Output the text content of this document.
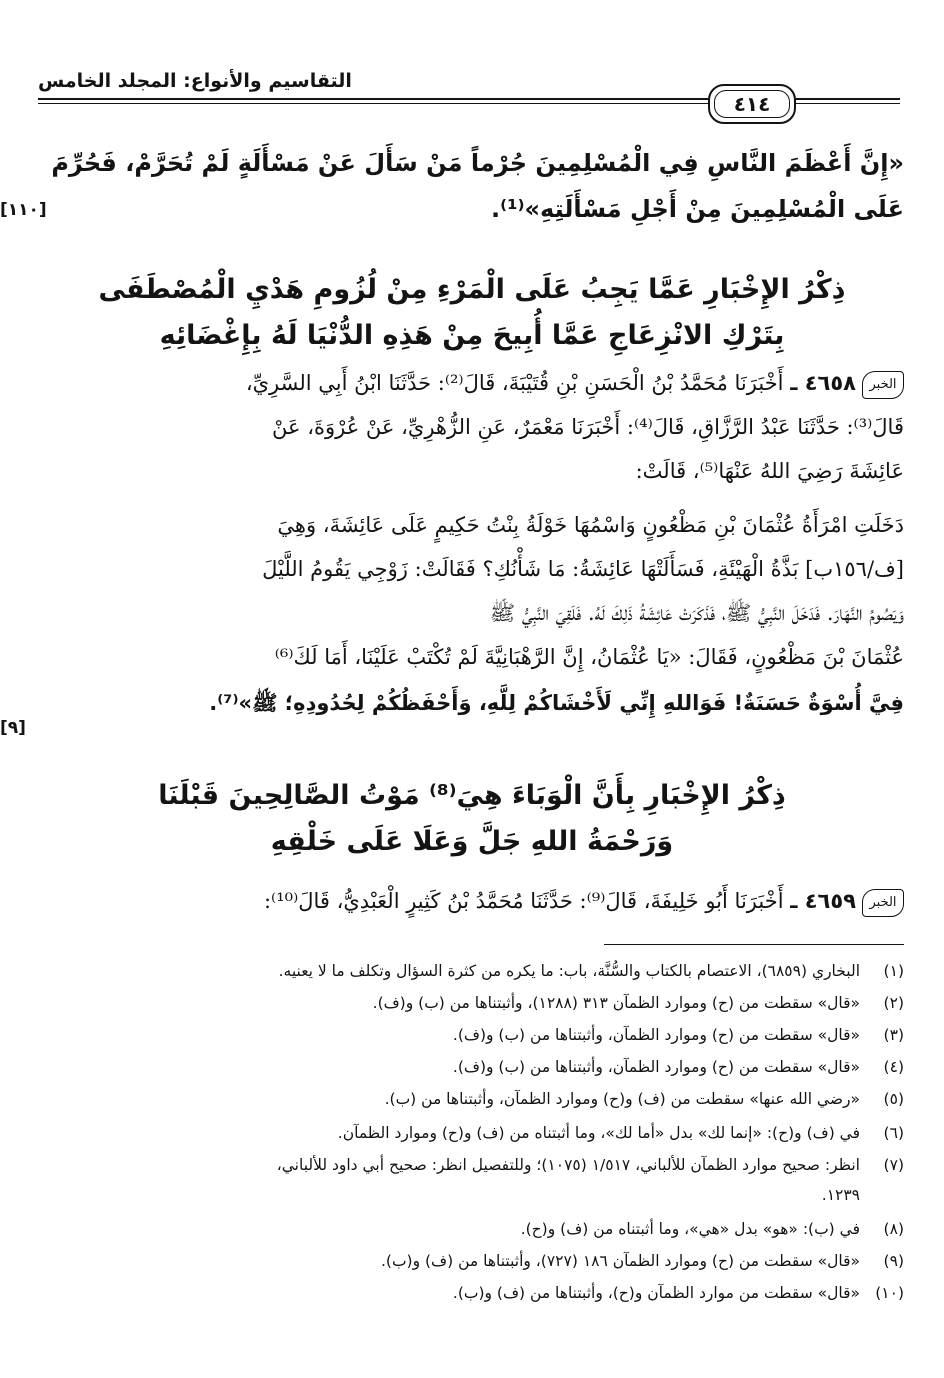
٤١٤
التقاسيم والأنواع: المجلد الخامس
«إِنَّ أَعْظَمَ النَّاسِ فِي الْمُسْلِمِينَ جُرْماً مَنْ سَأَلَ عَنْ مَسْأَلَةٍ لَمْ تُحَرَّمْ، فَحُرِّمَ
عَلَى الْمُسْلِمِينَ مِنْ أَجْلِ مَسْأَلَتِهِ»⁽¹⁾.
[١١٠]
ذِكْرُ الإِخْبَارِ عَمَّا يَجِبُ عَلَى الْمَرْءِ مِنْ لُزُومِ هَدْيِ الْمُصْطَفَى
بِتَرْكِ الانْزِعَاجِ عَمَّا أُبِيحَ مِنْ هَذِهِ الدُّنْيَا لَهُ بِإِغْضَائِهِ
الخبر٤٦٥٨ ـ أَخْبَرَنَا مُحَمَّدُ بْنُ الْحَسَنِ بْنِ قُتَيْبَةَ، قَالَ⁽²⁾: حَدَّثَنَا ابْنُ أَبِي السَّرِيِّ،
قَالَ⁽³⁾: حَدَّثَنَا عَبْدُ الرَّزَّاقِ، قَالَ⁽⁴⁾: أَخْبَرَنَا مَعْمَرٌ، عَنِ الزُّهْرِيِّ، عَنْ عُرْوَةَ، عَنْ
عَائِشَةَ رَضِيَ اللهُ عَنْهَا⁽⁵⁾، قَالَتْ:
دَخَلَتِ امْرَأَةُ عُثْمَانَ بْنِ مَظْعُونٍ وَاسْمُهَا خَوْلَةُ بِنْتُ حَكِيمٍ عَلَى عَائِشَةَ، وَهِيَ
[ف/١٥٦ب] بَذَّةُ الْهَيْئَةِ، فَسَأَلَتْهَا عَائِشَةُ: مَا شَأْنُكِ؟ فَقَالَتْ: زَوْجِي يَقُومُ اللَّيْلَ
وَيَصُومُ النَّهَارَ. فَدَخَلَ النَّبِيُّ ﷺ، فَذَكَرَتْ عَائِشَةُ ذَلِكَ لَهُ. فَلَقِيَ النَّبِيُّ ﷺ
عُثْمَانَ بْنَ مَظْعُونٍ، فَقَالَ: «يَا عُثْمَانُ، إِنَّ الرَّهْبَانِيَّةَ لَمْ تُكْتَبْ عَلَيْنَا، أَمَا لَكَ⁽⁶⁾
فِيَّ أُسْوَةٌ حَسَنَةٌ! فَوَاللهِ إِنِّي لَأَخْشَاكُمْ لِلَّهِ، وَأَحْفَظُكُمْ لِحُدُودِهِ؛ ﷺ»⁽⁷⁾.
[٩]
ذِكْرُ الإِخْبَارِ بِأَنَّ الْوَبَاءَ هِيَ⁽⁸⁾ مَوْتُ الصَّالِحِينَ قَبْلَنَا
وَرَحْمَةُ اللهِ جَلَّ وَعَلَا عَلَى خَلْقِهِ
الخبر٤٦٥٩ ـ أَخْبَرَنَا أَبُو خَلِيفَةَ، قَالَ⁽⁹⁾: حَدَّثَنَا مُحَمَّدُ بْنُ كَثِيرٍ الْعَبْدِيُّ، قَالَ⁽¹⁰⁾:
(١)البخاري (٦٨٥٩)، الاعتصام بالكتاب والسُّنَّة، باب: ما يكره من كثرة السؤال وتكلف ما لا يعنيه.
(٢)«قال» سقطت من (ح) وموارد الظمآن ٣١٣ (١٢٨٨)، وأثبتناها من (ب) و(ف).
(٣)«قال» سقطت من (ح) وموارد الظمآن، وأثبتناها من (ب) و(ف).
(٤)«قال» سقطت من (ح) وموارد الظمآن، وأثبتناها من (ب) و(ف).
(٥)«رضي الله عنها» سقطت من (ف) و(ح) وموارد الظمآن، وأثبتناها من (ب).
(٦)في (ف) و(ح): «إنما لك» بدل «أما لك»، وما أثبتناه من (ف) و(ح) وموارد الظمآن.
(٧)انظر: صحيح موارد الظمآن للألباني، ١/٥١٧ (١٠٧٥)؛ وللتفصيل انظر: صحيح أبي داود للألباني،
١٢٣٩.
(٨)في (ب): «هو» بدل «هي»، وما أثبتناه من (ف) و(ح).
(٩)«قال» سقطت من (ح) وموارد الظمآن ١٨٦ (٧٢٧)، وأثبتناها من (ف) و(ب).
(١٠)«قال» سقطت من موارد الظمآن و(ح)، وأثبتناها من (ف) و(ب).
